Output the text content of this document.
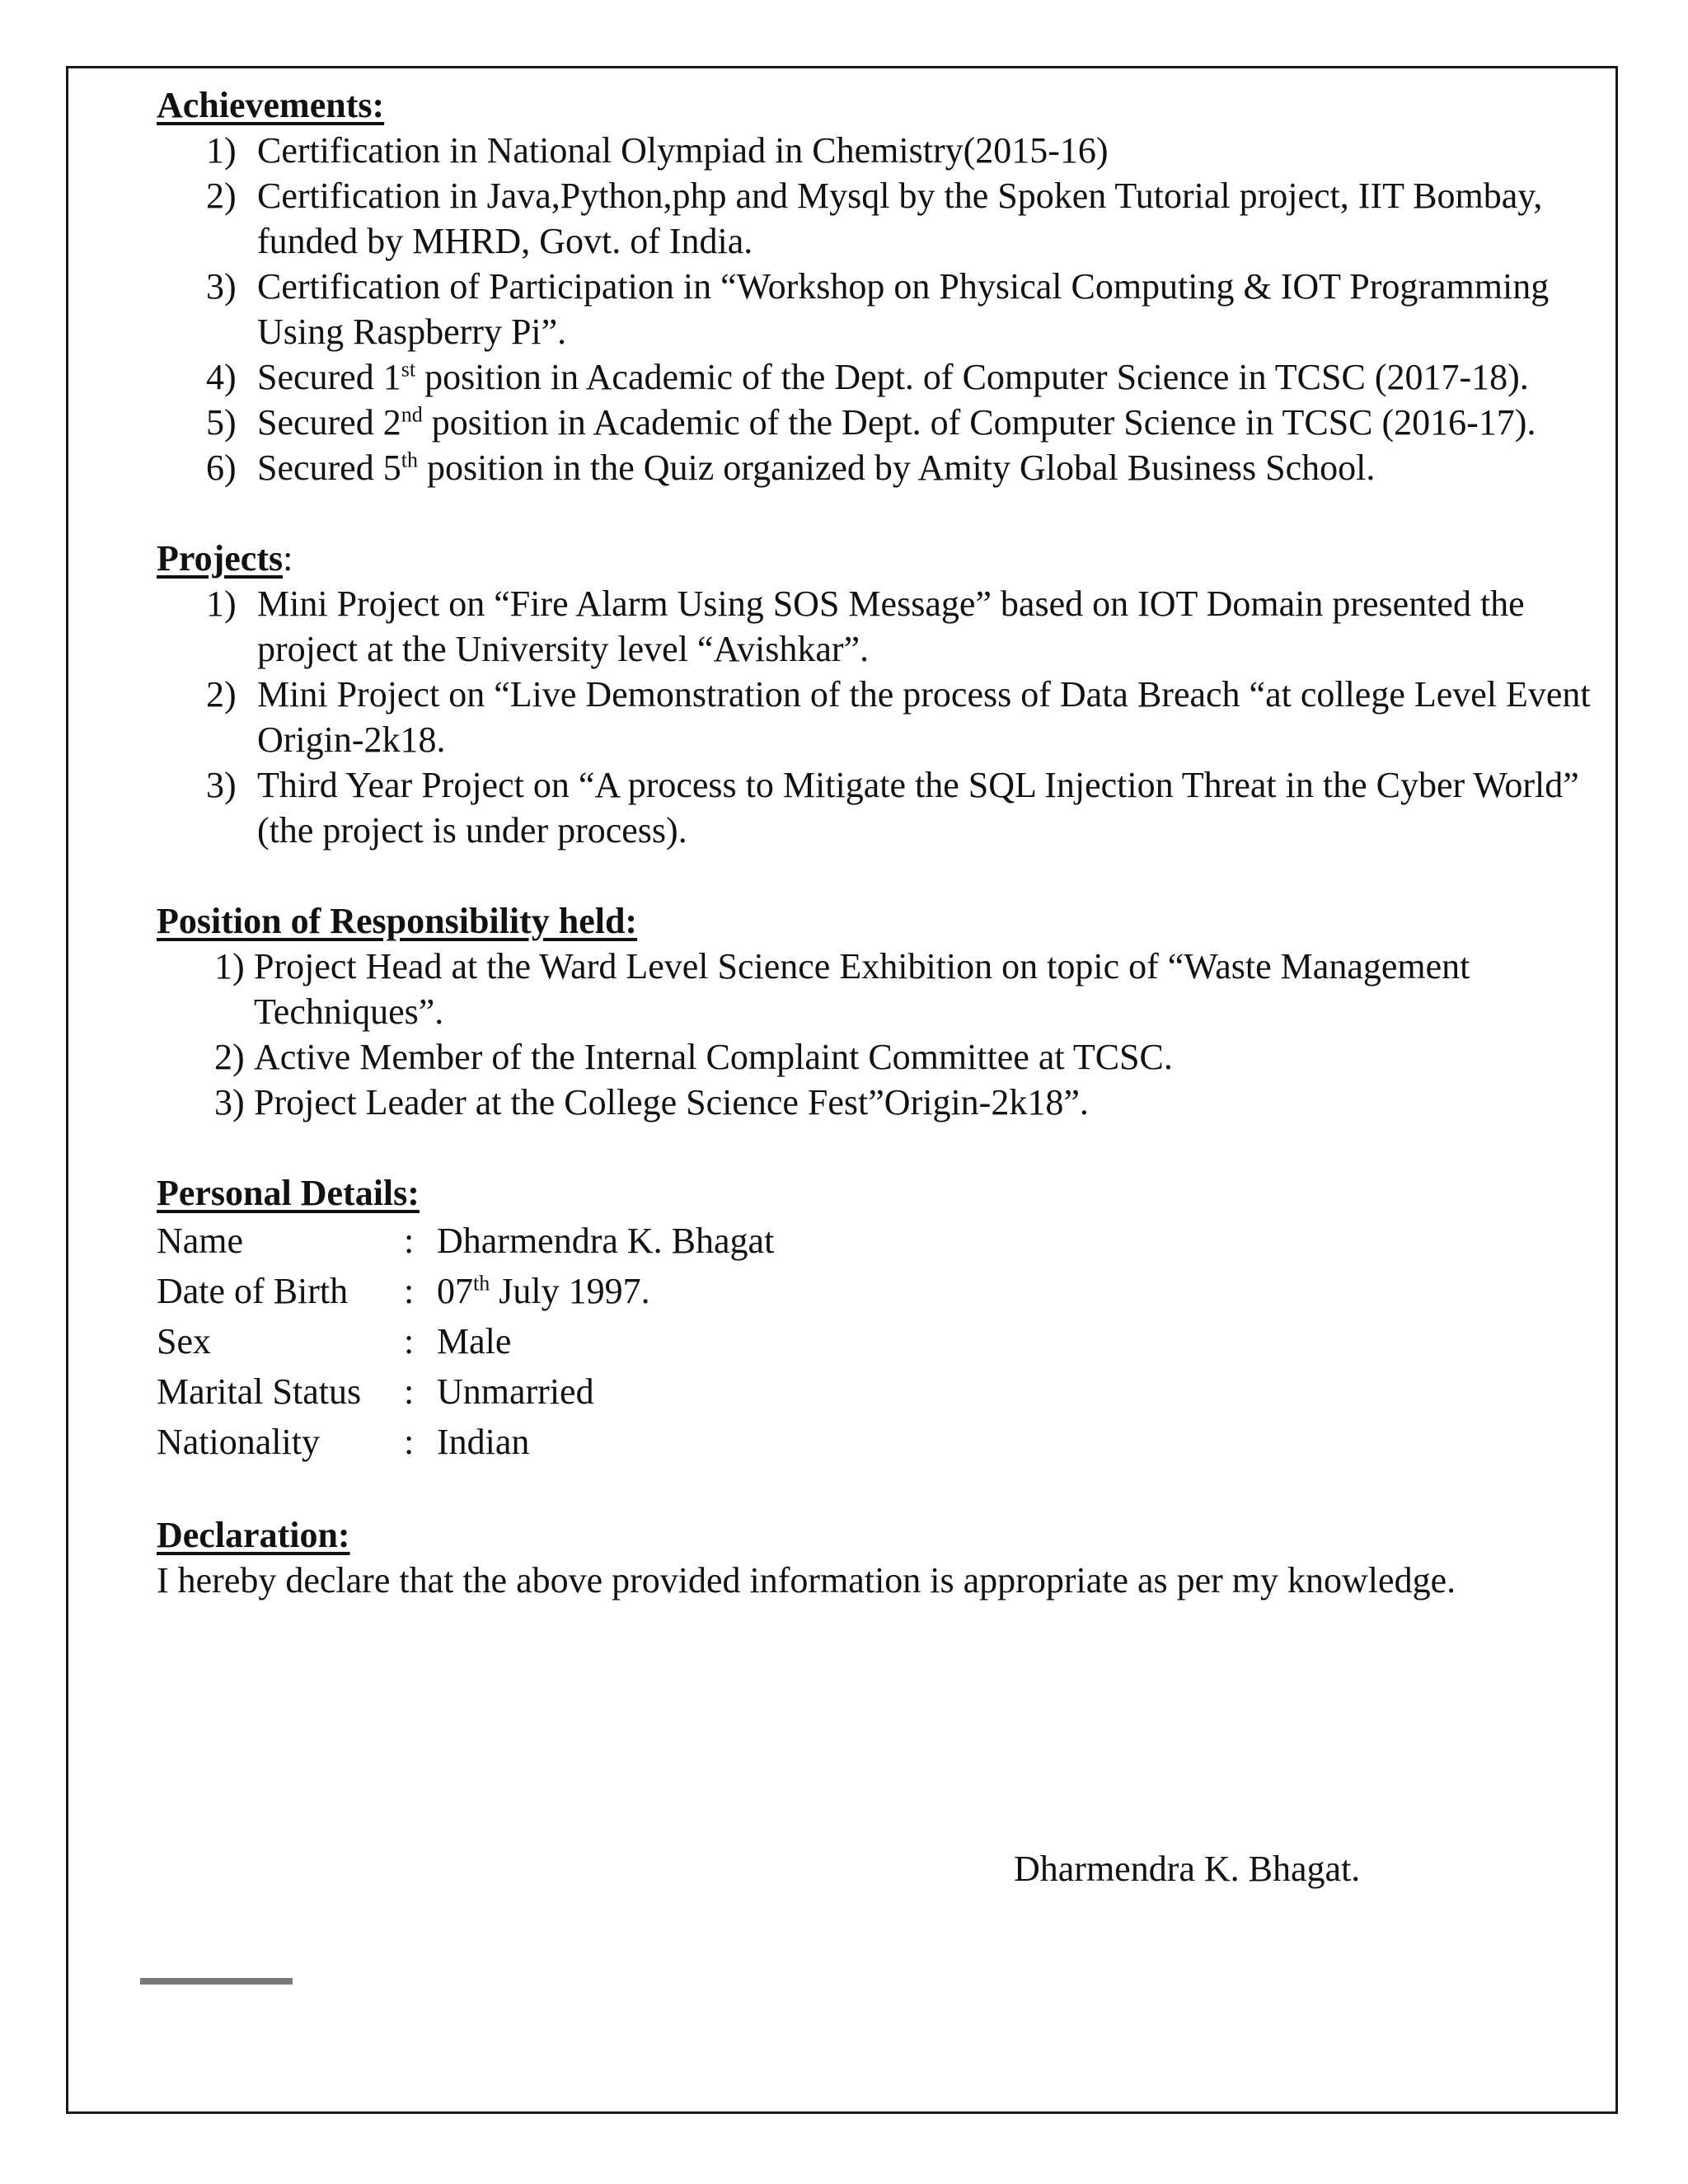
Achievements:

1) Certification in National Olympiad in Chemistry(2015-16)
2) Certification in Java,Python,php and Mysql by the Spoken Tutorial project, IIT Bombay, funded by MHRD, Govt. of India.
3) Certification of Participation in “Workshop on Physical Computing & IOT Programming Using Raspberry Pi”.
4) Secured 1st position in Academic of the Dept. of Computer Science in TCSC (2017-18).
5) Secured 2nd position in Academic of the Dept. of Computer Science in TCSC (2016-17).
6) Secured 5th position in the Quiz organized by Amity Global Business School.

Projects:

1) Mini Project on “Fire Alarm Using SOS Message” based on IOT Domain presented the project at the University level “Avishkar”.
2) Mini Project on “Live Demonstration of the process of Data Breach “at college Level Event Origin-2k18.
3) Third Year Project on “A process to Mitigate the SQL Injection Threat in the Cyber World” (the project is under process).

Position of Responsibility held:

1) Project Head at the Ward Level Science Exhibition on topic of “Waste Management Techniques”.
2) Active Member of the Internal Complaint Committee at TCSC.
3) Project Leader at the College Science Fest”Origin-2k18”.

Personal Details:

Name	: Dharmendra K. Bhagat
Date of Birth	: 07th July 1997.
Sex	: Male
Marital Status	: Unmarried
Nationality	: Indian

Declaration:

I hereby declare that the above provided information is appropriate as per my knowledge.

Dharmendra K. Bhagat.
